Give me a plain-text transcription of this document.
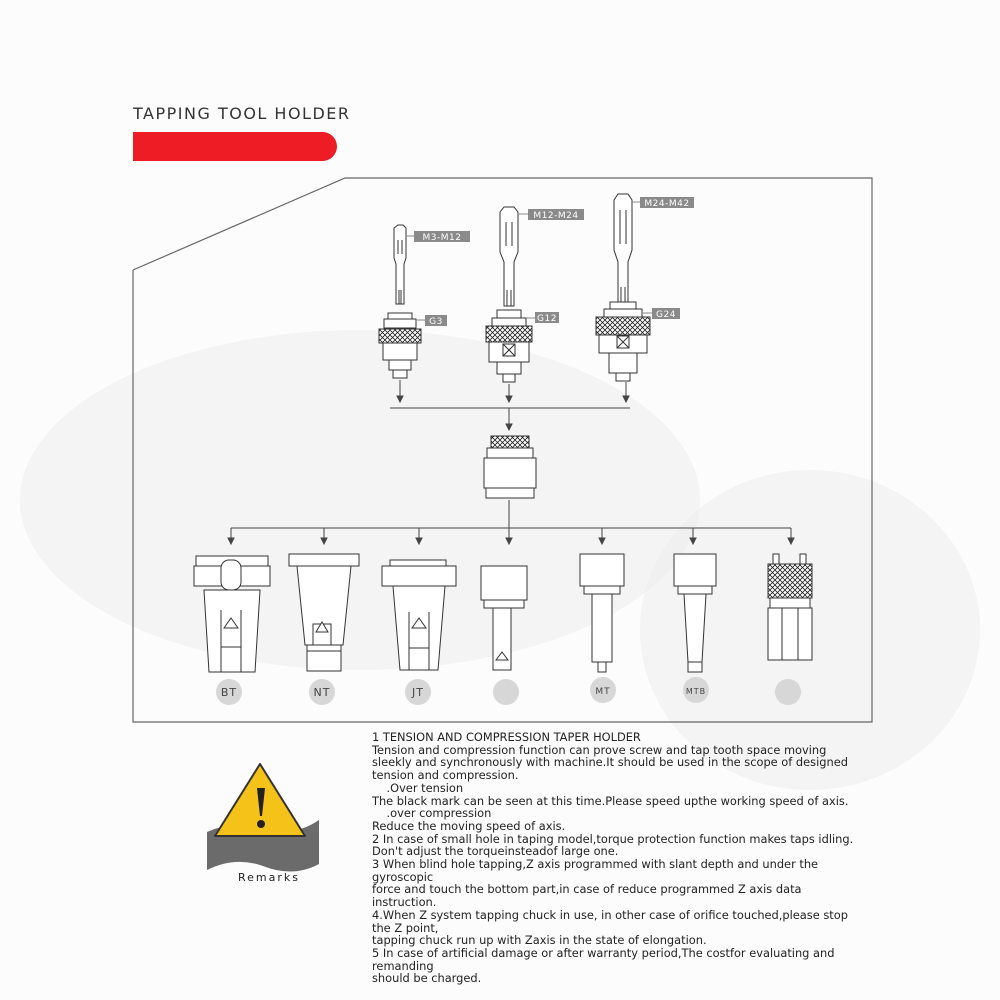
TAPPING TOOL HOLDER
M3-M12
G3
M12-M24
G12
M24-M42
G24
BT	NT	JT	MT	MTB
Remarks
1 TENSION AND COMPRESSION TAPER HOLDER
Tension and compression function can prove screw and tap tooth space moving sleekly and synchronously with machine.It should be used in the scope of designed tension and compression.
.Over tension
The black mark can be seen at this time.Please speed upthe working speed of axis.
.over compression
Reduce the moving speed of axis.
2 In case of small hole in taping model,torque protection function makes taps idling. Don't adjust the torqueinsteadof large one.
3 When blind hole tapping,Z axis programmed with slant depth and under the gyroscopic
force and touch the bottom part,in case of reduce programmed Z axis data instruction.
4.When Z system tapping chuck in use, in other case of orifice touched,please stop the Z point,
tapping chuck run up with Zaxis in the state of elongation.
5 In case of artificial damage or after warranty period,The costfor evaluating and remanding
should be charged.
